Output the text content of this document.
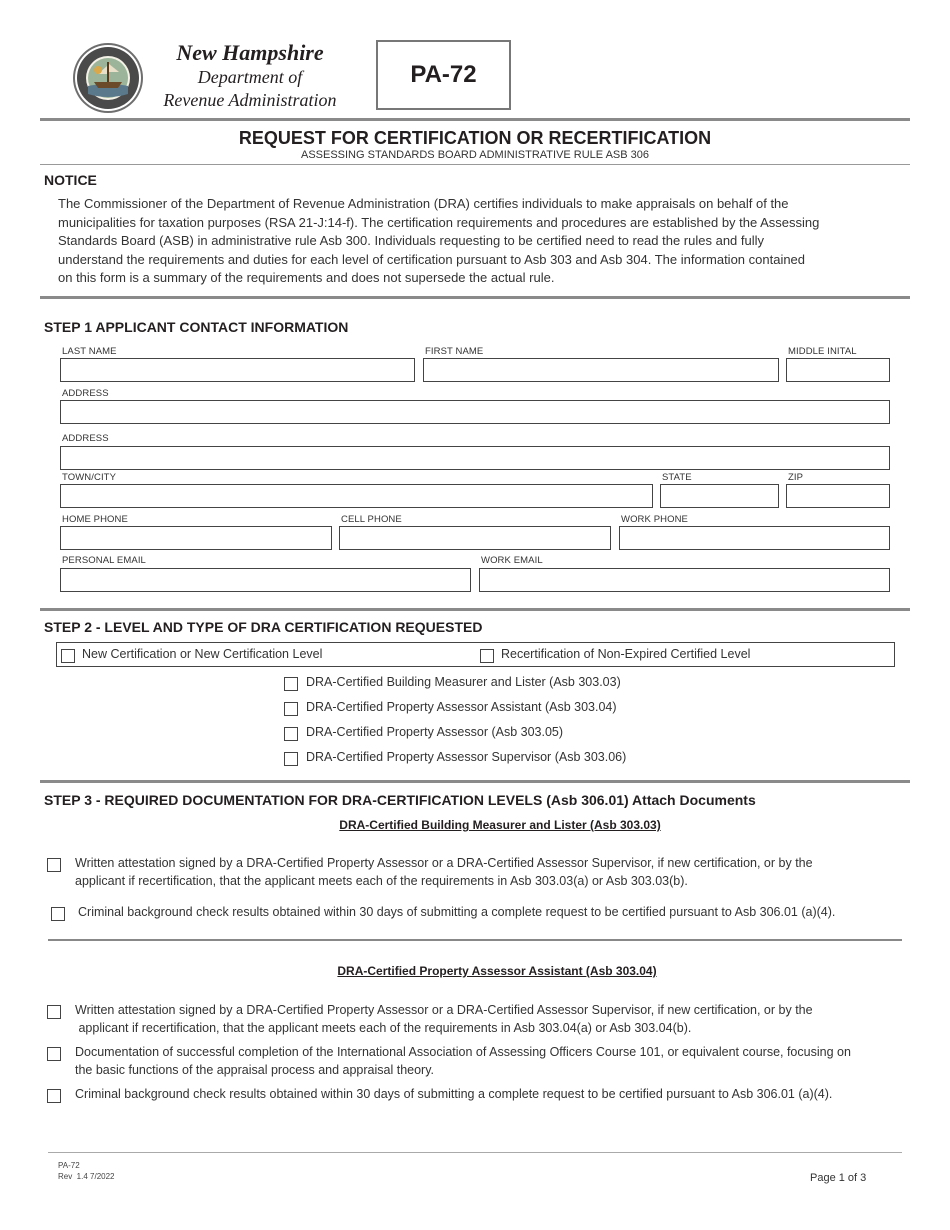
New Hampshire
Department of
Revenue Administration
PA-72
REQUEST FOR CERTIFICATION OR RECERTIFICATION
ASSESSING STANDARDS BOARD ADMINISTRATIVE RULE ASB 306
NOTICE
The Commissioner of the Department of Revenue Administration (DRA) certifies individuals to make appraisals on behalf of the
municipalities for taxation purposes (RSA 21-J:14-f). The certification requirements and procedures are established by the Assessing
Standards Board (ASB) in administrative rule Asb 300. Individuals requesting to be certified need to read the rules and fully
understand the requirements and duties for each level of certification pursuant to Asb 303 and Asb 304. The information contained
on this form is a summary of the requirements and does not supersede the actual rule.
STEP 1 APPLICANT CONTACT INFORMATION
LAST NAME	FIRST NAME	MIDDLE INITAL
ADDRESS
ADDRESS
TOWN/CITY	STATE	ZIP
HOME PHONE	CELL PHONE	WORK PHONE
PERSONAL EMAIL	WORK EMAIL
STEP 2 - LEVEL AND TYPE OF DRA CERTIFICATION REQUESTED
New Certification or New Certification Level	Recertification of Non-Expired Certified Level
DRA-Certified Building Measurer and Lister (Asb 303.03)
DRA-Certified Property Assessor Assistant (Asb 303.04)
DRA-Certified Property Assessor (Asb 303.05)
DRA-Certified Property Assessor Supervisor (Asb 303.06)
STEP 3 - REQUIRED DOCUMENTATION FOR DRA-CERTIFICATION LEVELS (Asb 306.01) Attach Documents
DRA-Certified Building Measurer and Lister (Asb 303.03)
Written attestation signed by a DRA-Certified Property Assessor or a DRA-Certified Assessor Supervisor, if new certification, or by the
applicant if recertification, that the applicant meets each of the requirements in Asb 303.03(a) or Asb 303.03(b).
Criminal background check results obtained within 30 days of submitting a complete request to be certified pursuant to Asb 306.01 (a)(4).
DRA-Certified Property Assessor Assistant (Asb 303.04)
Written attestation signed by a DRA-Certified Property Assessor or a DRA-Certified Assessor Supervisor, if new certification, or by the
applicant if recertification, that the applicant meets each of the requirements in Asb 303.04(a) or Asb 303.04(b).
Documentation of successful completion of the International Association of Assessing Officers Course 101, or equivalent course, focusing on
the basic functions of the appraisal process and appraisal theory.
Criminal background check results obtained within 30 days of submitting a complete request to be certified pursuant to Asb 306.01 (a)(4).
PA-72
Rev  1.4 7/2022	Page 1 of 3
